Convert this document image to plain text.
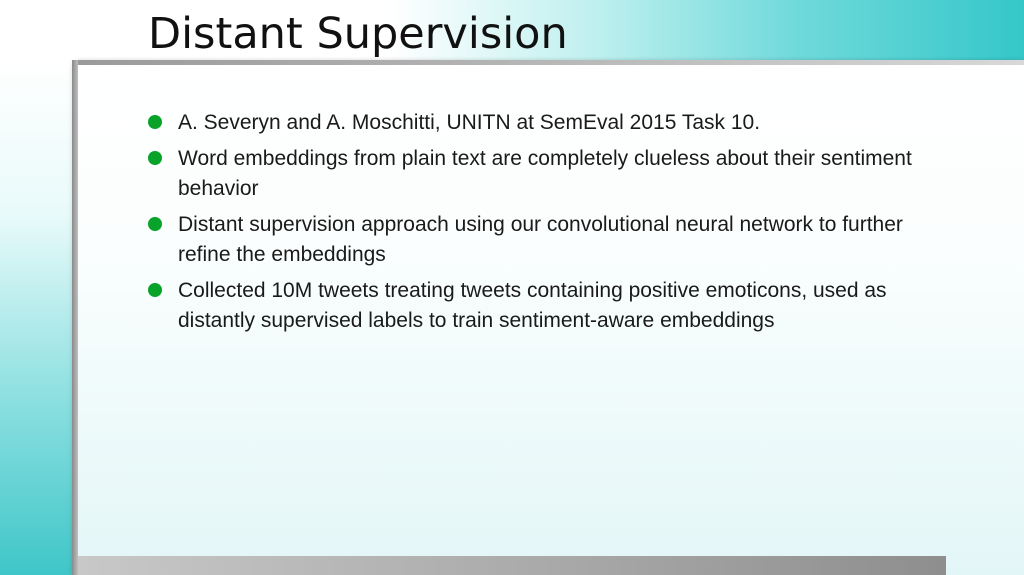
Distant Supervision
A. Severyn and A. Moschitti, UNITN at SemEval 2015 Task 10.
Word embeddings from plain text are completely clueless about their sentiment behavior
Distant supervision approach using our convolutional neural network to further refine the embeddings
Collected 10M tweets treating tweets containing positive emoticons, used as distantly supervised labels to train sentiment-aware embeddings
